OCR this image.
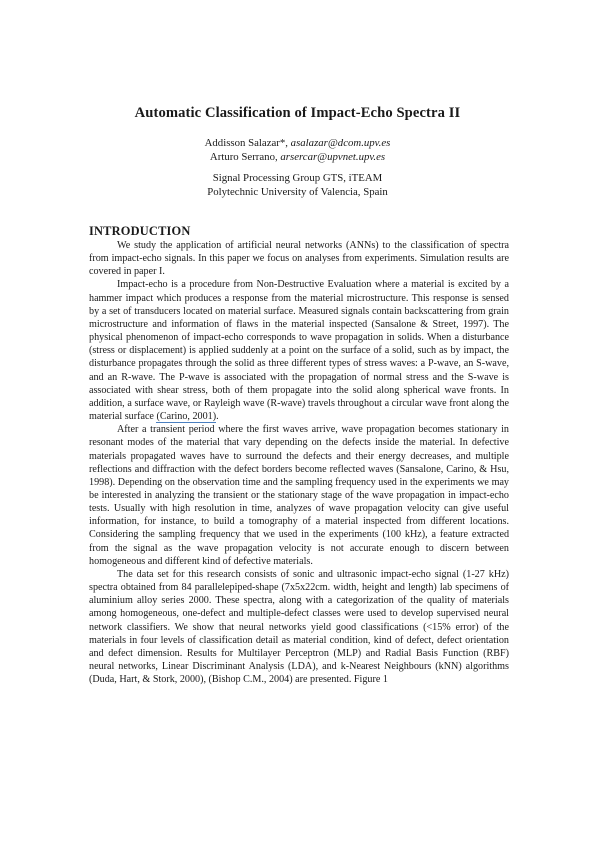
Automatic Classification of Impact-Echo Spectra II
Addisson Salazar*, asalazar@dcom.upv.es
Arturo Serrano, arsercar@upvnet.upv.es
Signal Processing Group GTS, iTEAM
Polytechnic University of Valencia, Spain
INTRODUCTION

We study the application of artificial neural networks (ANNs) to the classification of spectra from impact-echo signals. In this paper we focus on analyses from experiments. Simulation results are covered in paper I.

Impact-echo is a procedure from Non-Destructive Evaluation where a material is excited by a hammer impact which produces a response from the material microstructure. This response is sensed by a set of transducers located on material surface. Measured signals contain backscattering from grain microstructure and information of flaws in the material inspected (Sansalone & Street, 1997). The physical phenomenon of impact-echo corresponds to wave propagation in solids. When a disturbance (stress or displacement) is applied suddenly at a point on the surface of a solid, such as by impact, the disturbance propagates through the solid as three different types of stress waves: a P-wave, an S-wave, and an R-wave. The P-wave is associated with the propagation of normal stress and the S-wave is associated with shear stress, both of them propagate into the solid along spherical wave fronts. In addition, a surface wave, or Rayleigh wave (R-wave) travels throughout a circular wave front along the material surface (Carino, 2001).

After a transient period where the first waves arrive, wave propagation becomes stationary in resonant modes of the material that vary depending on the defects inside the material. In defective materials propagated waves have to surround the defects and their energy decreases, and multiple reflections and diffraction with the defect borders become reflected waves (Sansalone, Carino, & Hsu, 1998). Depending on the observation time and the sampling frequency used in the experiments we may be interested in analyzing the transient or the stationary stage of the wave propagation in impact-echo tests. Usually with high resolution in time, analyzes of wave propagation velocity can give useful information, for instance, to build a tomography of a material inspected from different locations. Considering the sampling frequency that we used in the experiments (100 kHz), a feature extracted from the signal as the wave propagation velocity is not accurate enough to discern between homogeneous and different kind of defective materials.

The data set for this research consists of sonic and ultrasonic impact-echo signal (1-27 kHz) spectra obtained from 84 parallelepiped-shape (7x5x22cm. width, height and length) lab specimens of aluminium alloy series 2000. These spectra, along with a categorization of the quality of materials among homogeneous, one-defect and multiple-defect classes were used to develop supervised neural network classifiers. We show that neural networks yield good classifications (<15% error) of the materials in four levels of classification detail as material condition, kind of defect, defect orientation and defect dimension. Results for Multilayer Perceptron (MLP) and Radial Basis Function (RBF) neural networks, Linear Discriminant Analysis (LDA), and k-Nearest Neighbours (kNN) algorithms (Duda, Hart, & Stork, 2000), (Bishop C.M., 2004) are presented. Figure 1
